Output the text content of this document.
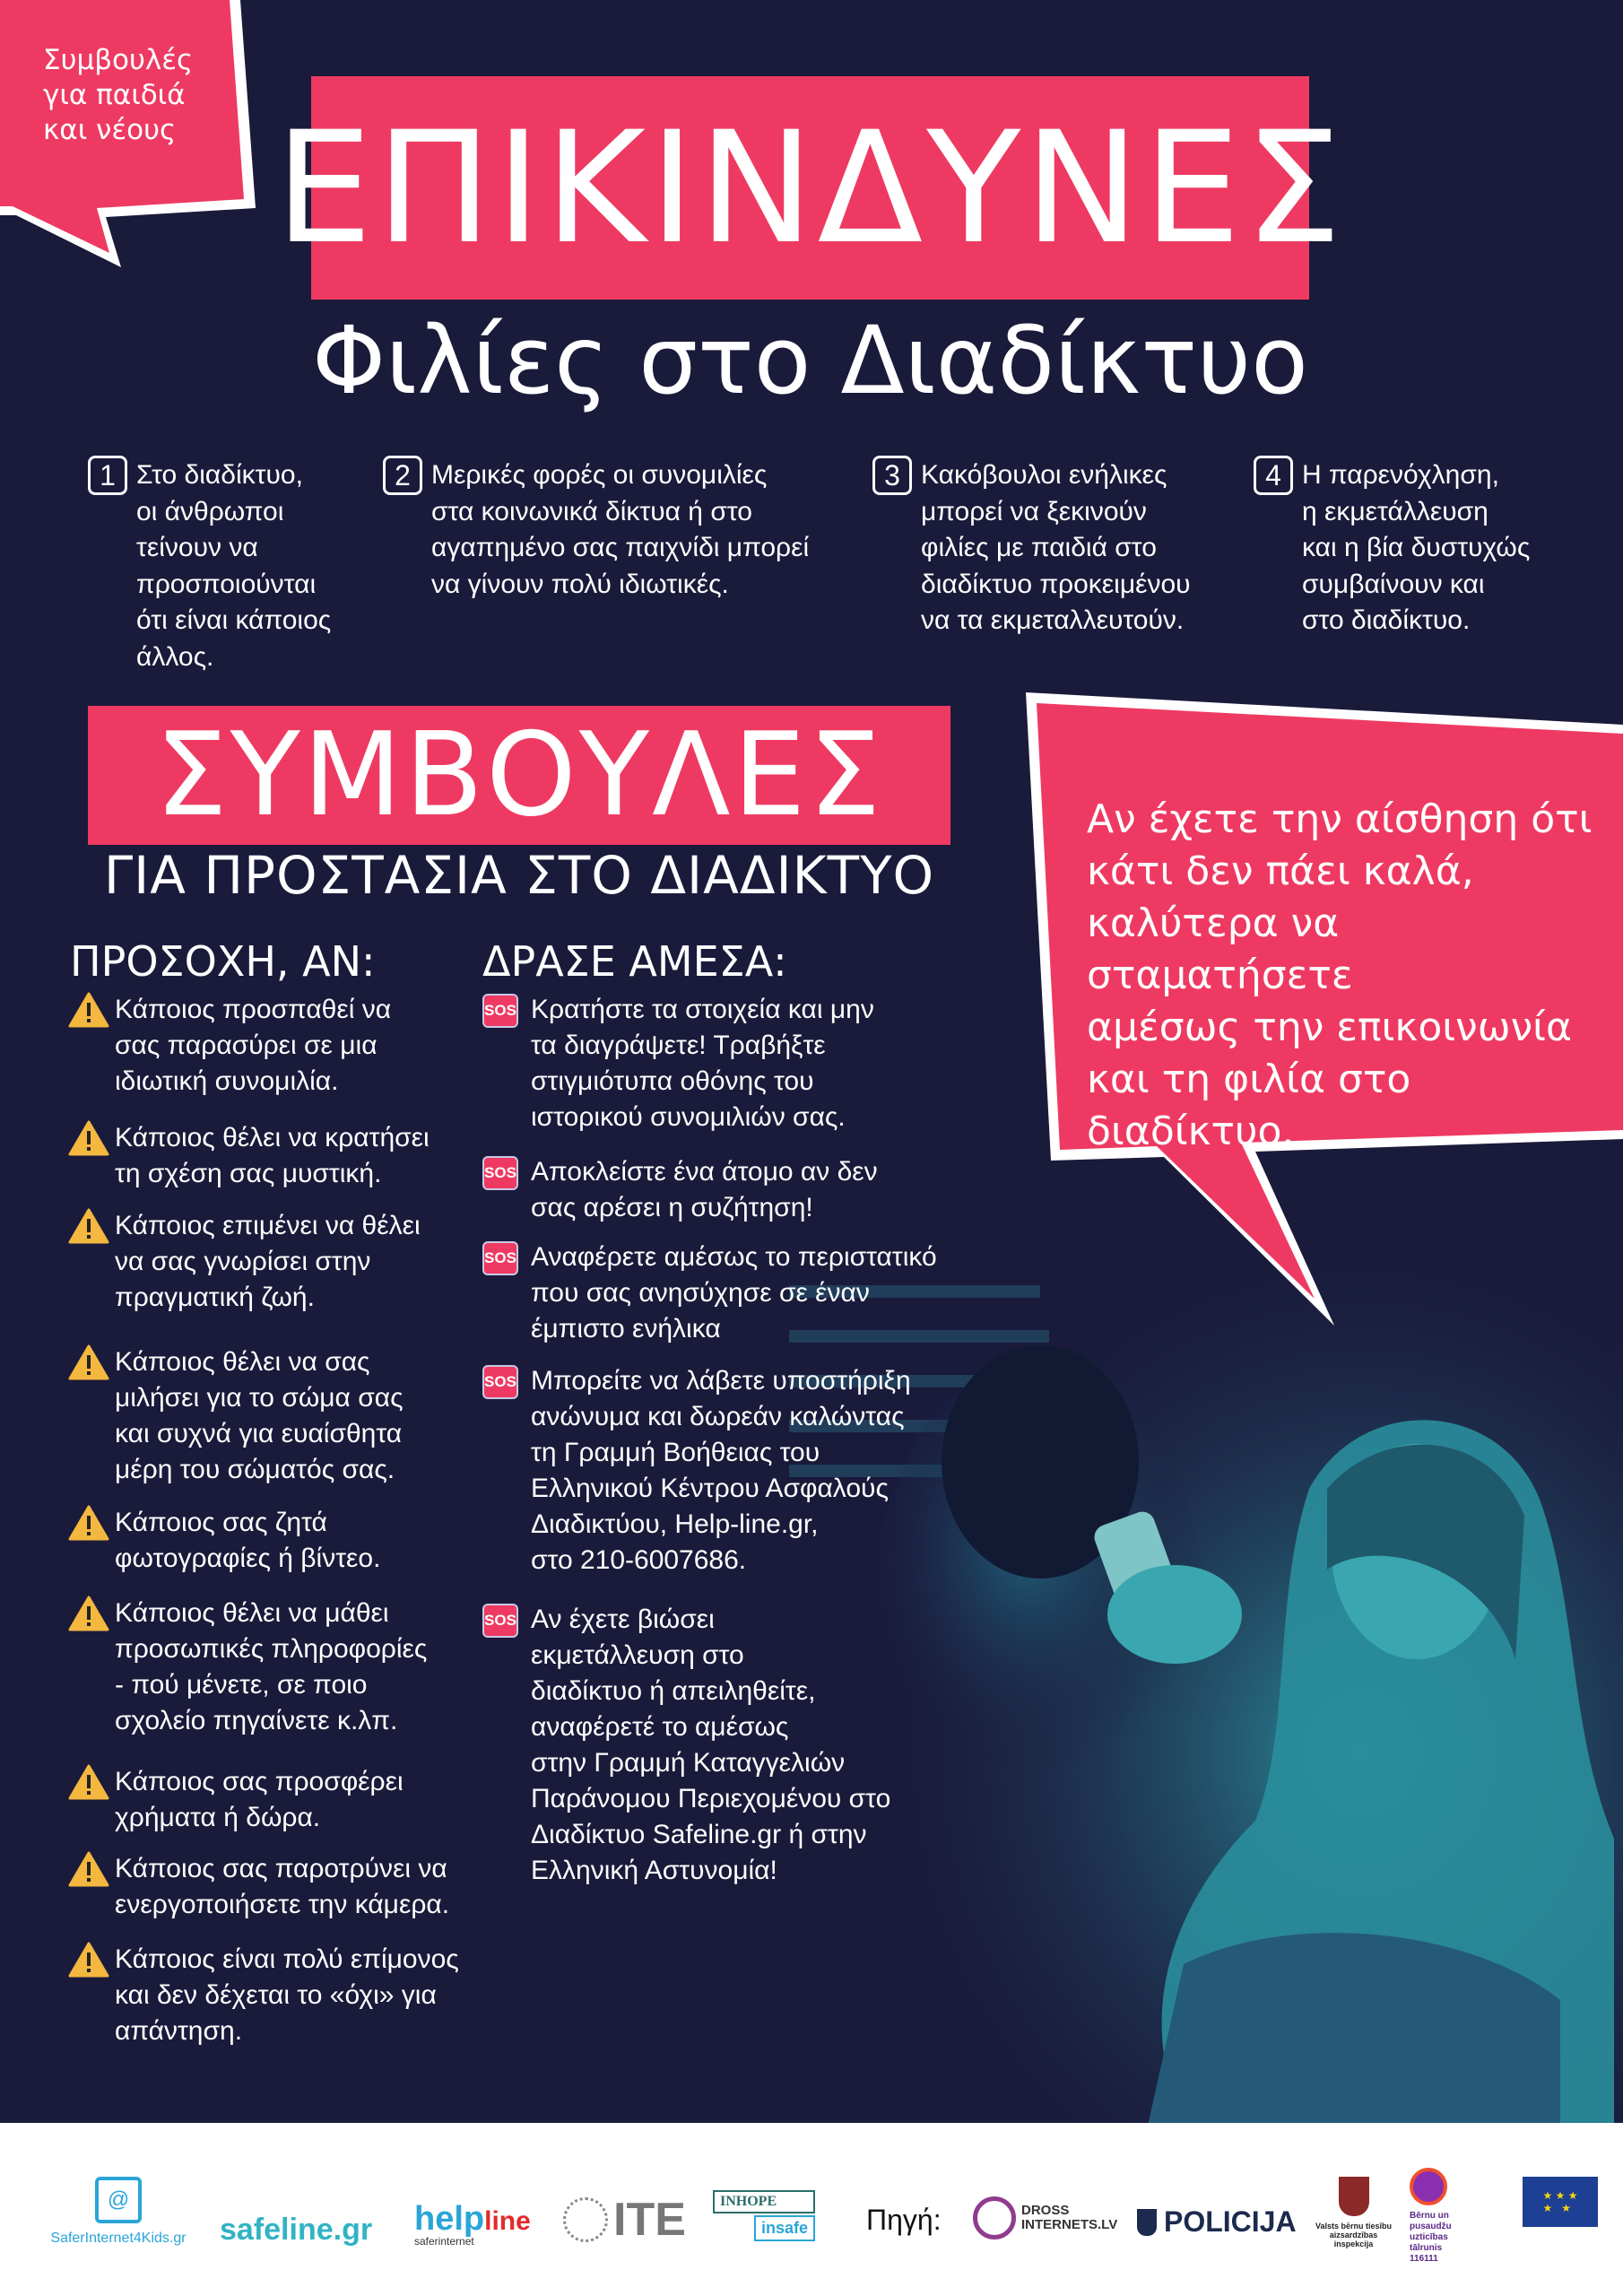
Συμβουλές
για παιδιά
και νέους ΕΠΙΚΙΝΔΥΝΕΣ
Φιλίες στο Διαδίκτυο
1 Στο διαδίκτυο,
οι άνθρωποι
τείνουν να
προσποιούνται
ότι είναι κάποιος
άλλος.
2 Μερικές φορές οι συνομιλίες
στα κοινωνικά δίκτυα ή στο
αγαπημένο σας παιχνίδι μπορεί
να γίνουν πολύ ιδιωτικές.
3 Κακόβουλοι ενήλικες
μπορεί να ξεκινούν
φιλίες με παιδιά στο
διαδίκτυο προκειμένου
να τα εκμεταλλευτούν.
4 Η παρενόχληση,
η εκμετάλλευση
και η βία δυστυχώς
συμβαίνουν και
στο διαδίκτυο.
ΣΥΜΒΟΥΛΕΣ
ΓΙΑ ΠΡΟΣΤΑΣΙΑ ΣΤΟ ΔΙΑΔΙΚΤΥΟ
ΠΡΟΣΟΧΗ, ΑΝ:
Κάποιος προσπαθεί να
σας παρασύρει σε μια
ιδιωτική συνομιλία.
Κάποιος θέλει να κρατήσει
τη σχέση σας μυστική.
Κάποιος επιμένει να θέλει
να σας γνωρίσει στην
πραγματική ζωή.
Κάποιος θέλει να σας
μιλήσει για το σώμα σας
και συχνά για ευαίσθητα
μέρη του σώματός σας.
Κάποιος σας ζητά
φωτογραφίες ή βίντεο.
Κάποιος θέλει να μάθει
προσωπικές πληροφορίες
- πού μένετε, σε ποιο
σχολείο πηγαίνετε κ.λπ.
Κάποιος σας προσφέρει
χρήματα ή δώρα.
Κάποιος σας παροτρύνει να
ενεργοποιήσετε την κάμερα.
Κάποιος είναι πολύ επίμονος
και δεν δέχεται το «όχι» για
απάντηση.
ΔΡΑΣΕ ΑΜΕΣΑ:
SOS Κρατήστε τα στοιχεία και μην
τα διαγράψετε! Τραβήξτε
στιγμιότυπα οθόνης του
ιστορικού συνομιλιών σας.
SOS Αποκλείστε ένα άτομο αν δεν
σας αρέσει η συζήτηση!
SOS Αναφέρετε αμέσως το περιστατικό
που σας ανησύχησε σε έναν
έμπιστο ενήλικα
SOS Μπορείτε να λάβετε υποστήριξη
ανώνυμα και δωρεάν καλώντας
τη Γραμμή Βοήθειας του
Ελληνικού Κέντρου Ασφαλούς
Διαδικτύου, Help-line.gr,
στο 210-6007686.
SOS Αν έχετε βιώσει
εκμετάλλευση στο
διαδίκτυο ή απειληθείτε,
αναφέρετέ το αμέσως
στην Γραμμή Καταγγελιών
Παράνομου Περιεχομένου στο
Διαδίκτυο Safeline.gr ή στην
Ελληνική Αστυνομία!
Αν έχετε την αίσθηση ότι
κάτι δεν πάει καλά,
καλύτερα να σταματήσετε
αμέσως την επικοινωνία
και τη φιλία στο διαδίκτυο.
@
SaferInternet4Kids.gr safeline.gr helpline
saferinternet	ITE	INHOPE
insafe Πηγή:	DROSS INTERNETS.LV	POLICIJA	Valsts bērnu tiesību aizsardzības inspekcija
Bērnu un pusaudžu uzticības tālrunis 116111
★ ★ ★
★   ★
